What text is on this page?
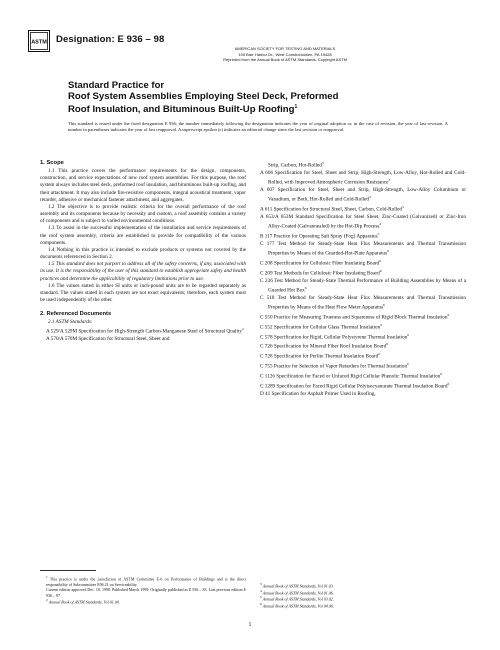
ASTM Designation: E 936 – 98
AMERICAN SOCIETY FOR TESTING AND MATERIALS
100 Barr Harbor Dr., West Conshohocken, PA 19428
Reprinted from the Annual Book of ASTM Standards. Copyright ASTM
Standard Practice for
Roof System Assemblies Employing Steel Deck, Preformed
Roof Insulation, and Bituminous Built-Up Roofing$^1$
This standard is issued under the fixed designation E 936; the number immediately following the designation indicates the year of original adoption or, in the case of revision, the year of last revision. A number in parentheses indicates the year of last reapproval. A superscript epsilon (ε) indicates an editorial change since the last revision or reapproval.
1. Scope

1.1 This practice covers the performance requirements for the design, components, construction, and service expectations of new roof system assemblies. For this purpose, the roof system always includes steel deck, preformed roof insulation, and bituminous built-up roofing, and their attachment. It may also include fire-resistive components, integral acoustical treatment, vapor retarder, adhesive or mechanical fastener attachment, and aggregates.

1.2 The objective is to provide realistic criteria for the overall performance of the roof assembly and its components because by necessity and custom, a roof assembly contains a variety of components and is subject to varied environmental conditions.

1.3 To assist in the successful implementation of the installation and service requirements of the roof system assembly, criteria are established to provide for compatibility of the various components.

1.4 Nothing in this practice is intended to exclude products or systems not covered by the documents referenced in Section 2.

1.5 This standard does not purport to address all of the safety concerns, if any, associated with its use. It is the responsibility of the user of this standard to establish appropriate safety and health practices and determine the applicability of regulatory limitations prior to use.

1.6 The values stated in either SI units or inch-pound units are to be regarded separately as standard. The values stated in each system are not exact equivalents; therefore, each system must be used independently of the other.

2. Referenced Documents

2.1 ASTM Standards:

A 529/A 529M Specification for High-Strength Carbon-Manganese Steel of Structural Quality$^2$

A 570/A 570M Specification for Structural Steel, Sheet and

Strip, Carbon, Hot-Rolled$^3$

A 606 Specification for Steel, Sheet and Strip, High-Strength, Low-Alloy, Hot-Rolled and Cold-Rolled, with Improved Atmospheric Corrosion Resistance$^3$

A 607 Specification for Steel, Sheet and Strip, High-Strength, Low-Alloy Columbium or Vanadium, or Both, Hot-Rolled and Cold-Rolled$^3$

A 611 Specification for Structural Steel, Sheet, Carbon, Cold-Rolled$^3$

A 653/A 653M Standard Specification for Steel Sheet, Zinc-Coated (Galvanized) or Zinc-Iron Alloy-Coated (Galvannealed) by the Hot-Dip Process$^4$

B 117 Practice for Operating Salt Spray (Fog) Apparatus$^5$

C 177 Test Method for Steady-State Heat Flux Measurements and Thermal Transmission Properties by Means of the Guarded-Hot-Plate Apparatus$^6$

C 208 Specification for Cellulosic Fiber Insulating Board$^6$

C 209 Test Methods for Cellulosic Fiber Insulating Board$^6$

C 236 Test Method for Steady-State Thermal Performance of Building Assemblies by Means of a Guarded Hot Box$^6$

C 518 Test Method for Steady-State Heat Flux Measurements and Thermal Transmission Properties by Means of the Heat Flow Meter Apparatus$^6$

C 550 Practice for Measuring Trueness and Squareness of Rigid Block Thermal Insulation$^6$

C 552 Specification for Cellular Glass Thermal Insulation$^6$

C 578 Specification for Rigid, Cellular Polystyrene Thermal Insulation$^6$

C 726 Specification for Mineral Fiber Roof Insulation Board$^6$

C 728 Specification for Perlite Thermal Insulation Board$^6$

C 755 Practice for Selection of Vapor Retarders for Thermal Insulation$^6$

C 1126 Specification for Faced or Unfaced Rigid Cellular Phenolic Thermal Insulation$^6$

C 1289 Specification for Faced Rigid Cellular Polyisocyanurate Thermal Insulation Board$^6$

D 41 Specification for Asphalt Primer Used in Roofing,

$^1$ This practice is under the jurisdiction of ASTM Committee E-6 on Performance of Buildings and is the direct responsibility of Subcommittee E06.21 on Serviceability.

Current edition approved Dec. 10, 1998. Published March 1999. Originally published as E 936 – 83. Last previous edition E 936 – 97.

$^2$ Annual Book of ASTM Standards, Vol 01.04.

$^3$ Annual Book of ASTM Standards, Vol 01.03.

$^4$ Annual Book of ASTM Standards, Vol 01.06.

$^5$ Annual Book of ASTM Standards, Vol 03.02.

$^6$ Annual Book of ASTM Standards, Vol 04.06.

1
